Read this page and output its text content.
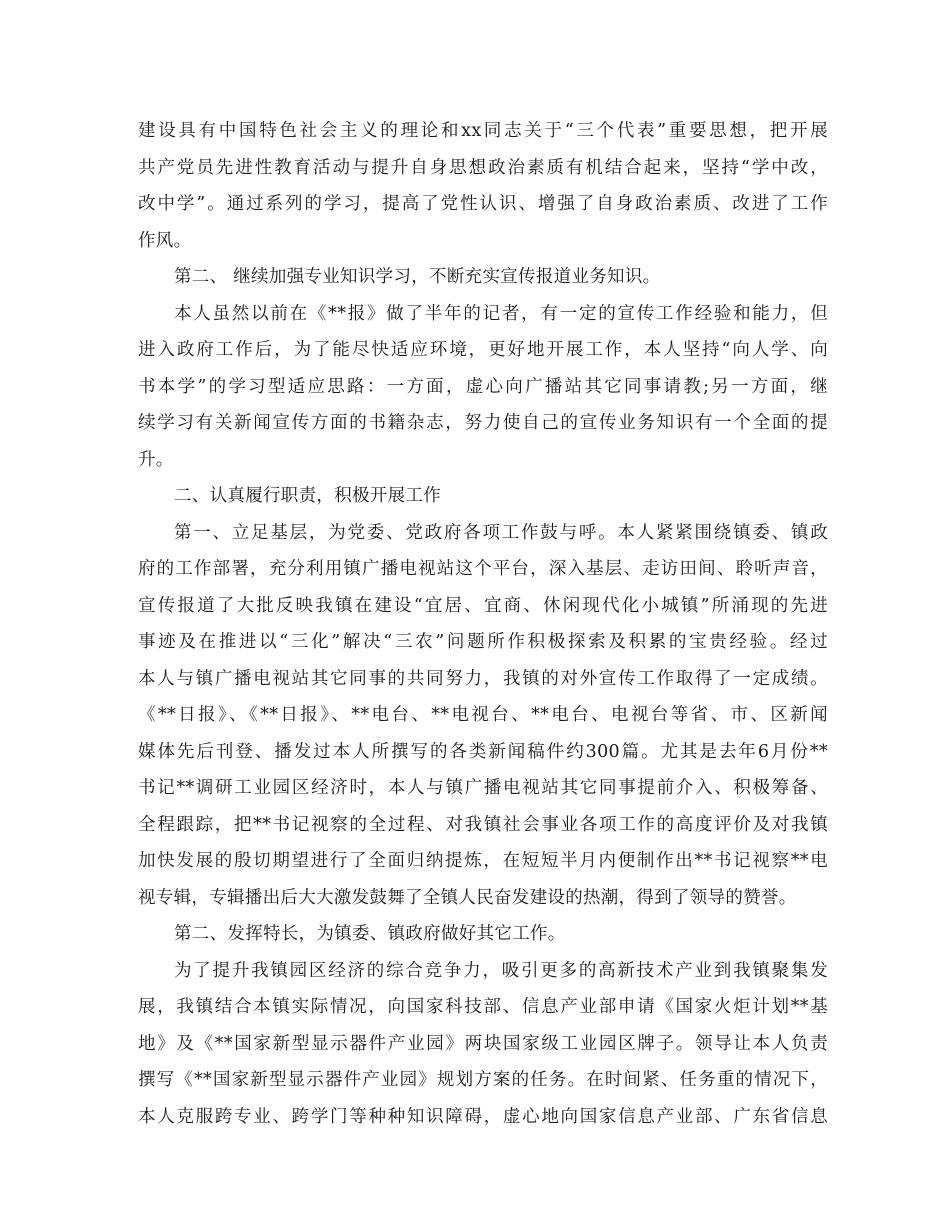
建设具有中国特色社会主义的理论和xx同志关于“三个代表”重要思想，把开展
共产党员先进性教育活动与提升自身思想政治素质有机结合起来，坚持“学中改，
改中学”。通过系列的学习，提高了党性认识、增强了自身政治素质、改进了工作
作风。
第二、 继续加强专业知识学习，不断充实宣传报道业务知识。
本人虽然以前在《**报》做了半年的记者，有一定的宣传工作经验和能力，但
进入政府工作后，为了能尽快适应环境，更好地开展工作，本人坚持“向人学、向
书本学”的学习型适应思路：一方面，虚心向广播站其它同事请教;另一方面，继
续学习有关新闻宣传方面的书籍杂志，努力使自己的宣传业务知识有一个全面的提
升。
二、认真履行职责，积极开展工作
第一、立足基层，为党委、党政府各项工作鼓与呼。本人紧紧围绕镇委、镇政
府的工作部署，充分利用镇广播电视站这个平台，深入基层、走访田间、聆听声音，
宣传报道了大批反映我镇在建设“宜居、宜商、休闲现代化小城镇”所涌现的先进
事迹及在推进以“三化”解决“三农”问题所作积极探索及积累的宝贵经验。经过
本人与镇广播电视站其它同事的共同努力，我镇的对外宣传工作取得了一定成绩。
《**日报》、《**日报》、**电台、**电视台、**电台、电视台等省、市、区新闻
媒体先后刊登、播发过本人所撰写的各类新闻稿件约300篇。尤其是去年6月份**
书记**调研工业园区经济时，本人与镇广播电视站其它同事提前介入、积极筹备、
全程跟踪，把**书记视察的全过程、对我镇社会事业各项工作的高度评价及对我镇
加快发展的殷切期望进行了全面归纳提炼，在短短半月内便制作出**书记视察**电
视专辑，专辑播出后大大激发鼓舞了全镇人民奋发建设的热潮，得到了领导的赞誉。
第二、发挥特长，为镇委、镇政府做好其它工作。
为了提升我镇园区经济的综合竞争力，吸引更多的高新技术产业到我镇聚集发
展，我镇结合本镇实际情况，向国家科技部、信息产业部申请《国家火炬计划**基
地》及《**国家新型显示器件产业园》两块国家级工业园区牌子。领导让本人负责
撰写《**国家新型显示器件产业园》规划方案的任务。在时间紧、任务重的情况下，
本人克服跨专业、跨学门等种种知识障碍，虚心地向国家信息产业部、广东省信息
